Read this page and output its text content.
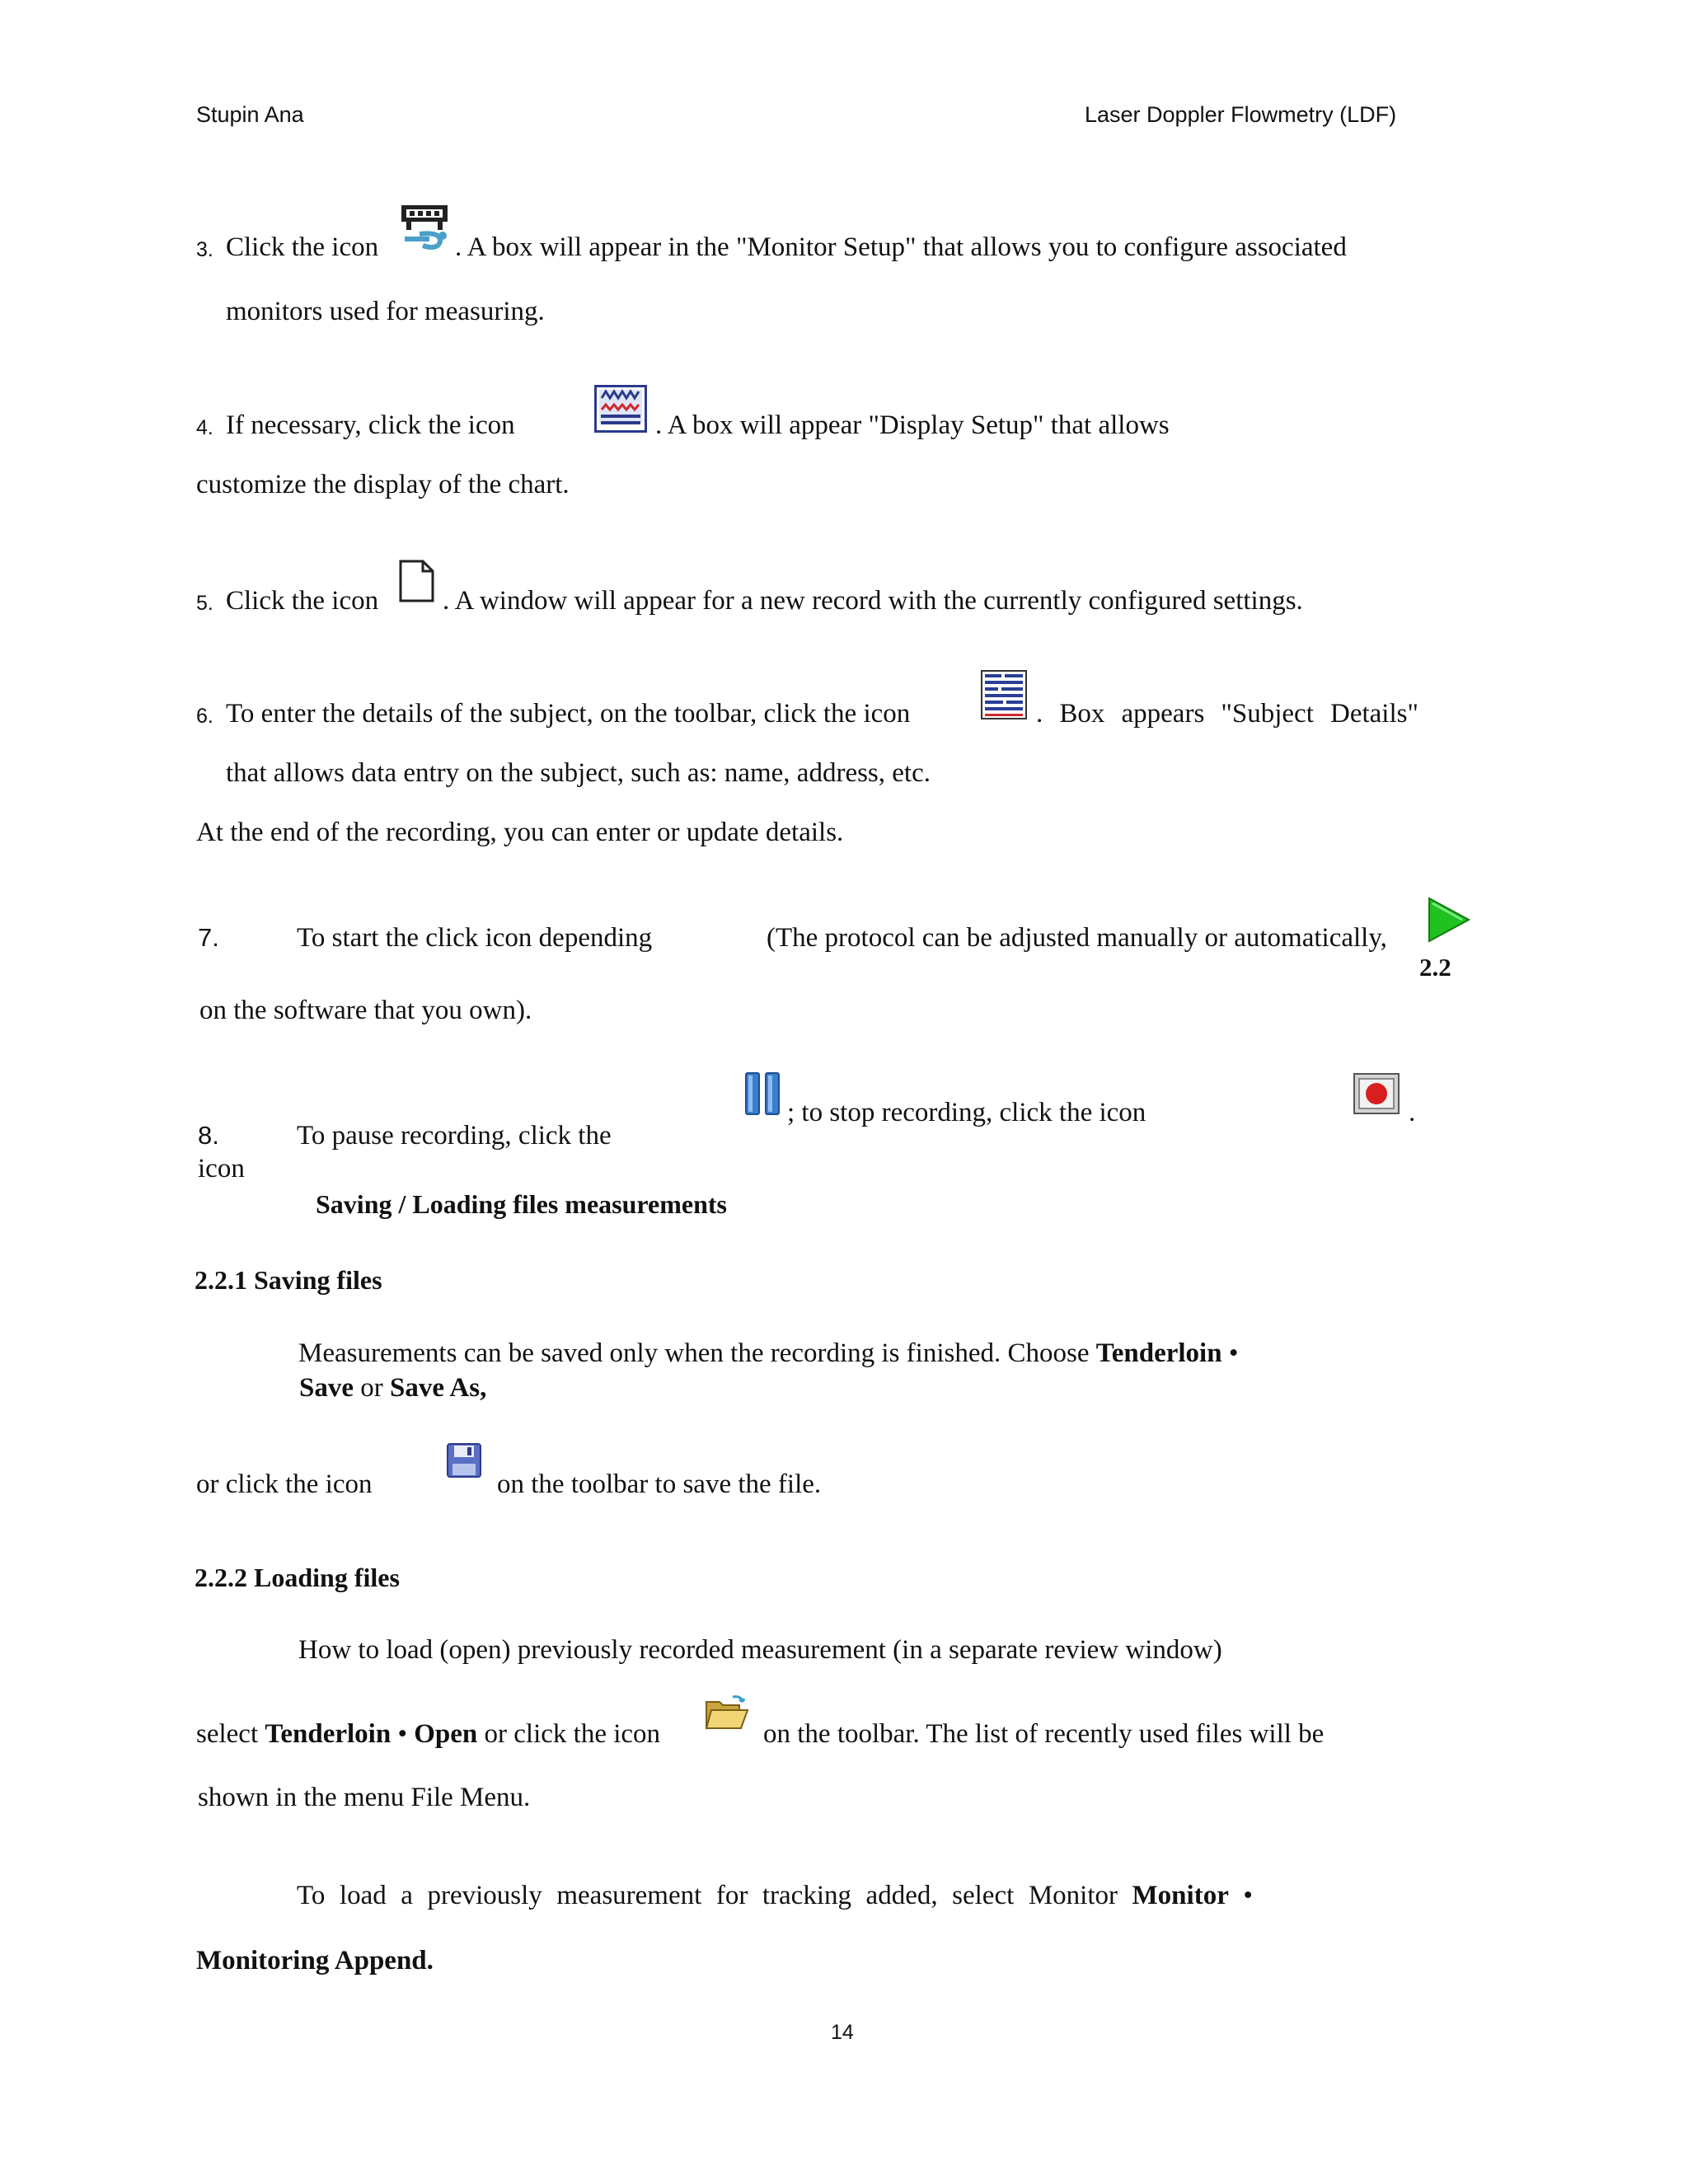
Stupin Ana	Laser Doppler Flowmetry (LDF)
3. Click the icon	. A box will appear in the "Monitor Setup" that allows you to configure associated
monitors used for measuring.
4. If necessary, click the icon	. A box will appear "Display Setup" that allows
customize the display of the chart.
5. Click the icon . A window will appear for a new record with the currently configured settings.
6. To enter the details of the subject, on the toolbar, click the icon	. Box appears "Subject Details"
that allows data entry on the subject, such as: name, address, etc.
At the end of the recording, you can enter or update details.
7.	To start the click icon depending	(The protocol can be adjusted manually or automatically,
2.2
on the software that you own).
8.	To pause recording, click the
icon
; to stop recording, click the icon	.
Saving / Loading files measurements
2.2.1 Saving files
Measurements can be saved only when the recording is finished. Choose Tenderloin •
Save or Save As,
or click the icon	on the toolbar to save the file.
2.2.2 Loading files
How to load (open) previously recorded measurement (in a separate review window)
select Tenderloin • Open or click the icon	on the toolbar. The list of recently used files will be
shown in the menu File Menu.
To load a previously measurement for tracking added, select Monitor Monitor •
Monitoring Append.
14
